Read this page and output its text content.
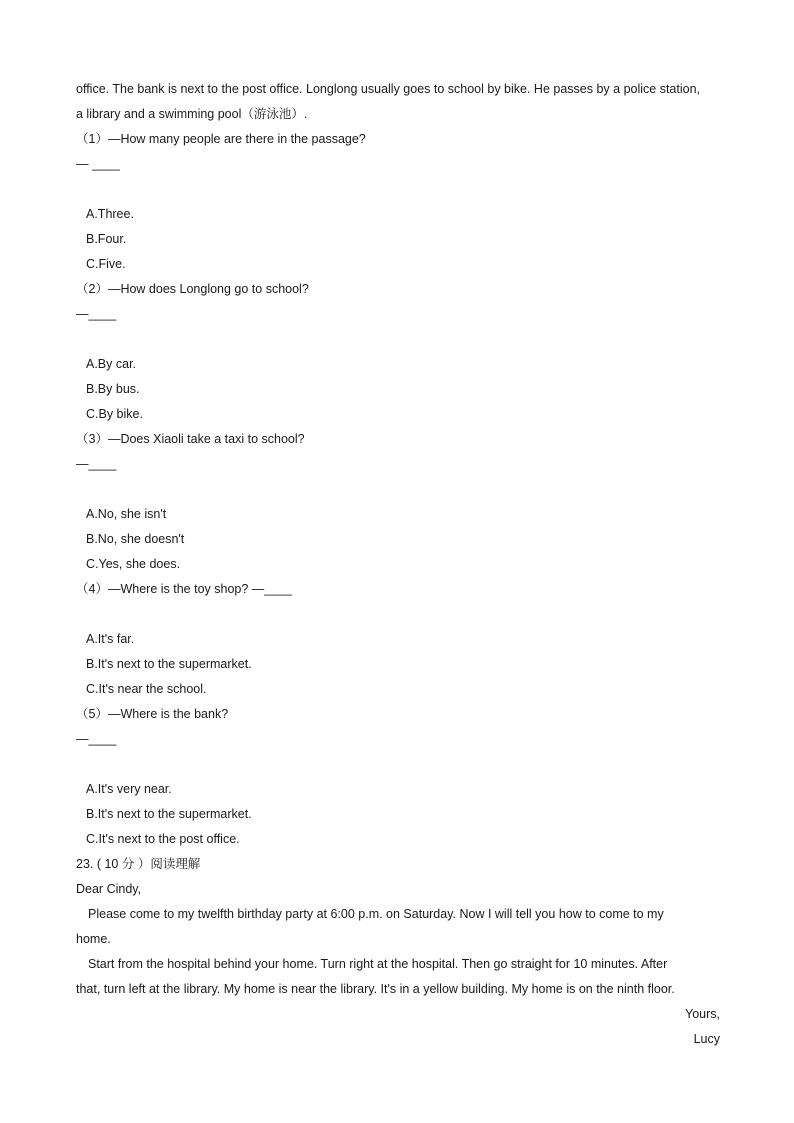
office. The bank is next to the post office. Longlong usually goes to school by bike. He passes by a police station,
a library and a swimming pool（游泳池）.
（1）—How many people are there in the passage?
— ____
A.Three.
B.Four.
C.Five.
（2）—How does Longlong go to school?
—____
A.By car.
B.By bus.
C.By bike.
（3）—Does Xiaoli take a taxi to school?
—____
A.No, she isn't
B.No, she doesn't
C.Yes, she does.
（4）—Where is the toy shop? —____
A.It's far.
B.It's next to the supermarket.
C.It's near the school.
（5）—Where is the bank?
—____
A.It's very near.
B.It's next to the supermarket.
C.It's next to the post office.
23. ( 10 分 ）阅读理解
Dear Cindy,
Please come to my twelfth birthday party at 6:00 p.m. on Saturday. Now I will tell you how to come to my
home.
Start from the hospital behind your home. Turn right at the hospital. Then go straight for 10 minutes. After
that, turn left at the library. My home is near the library. It's in a yellow building. My home is on the ninth floor.
Yours,
Lucy
